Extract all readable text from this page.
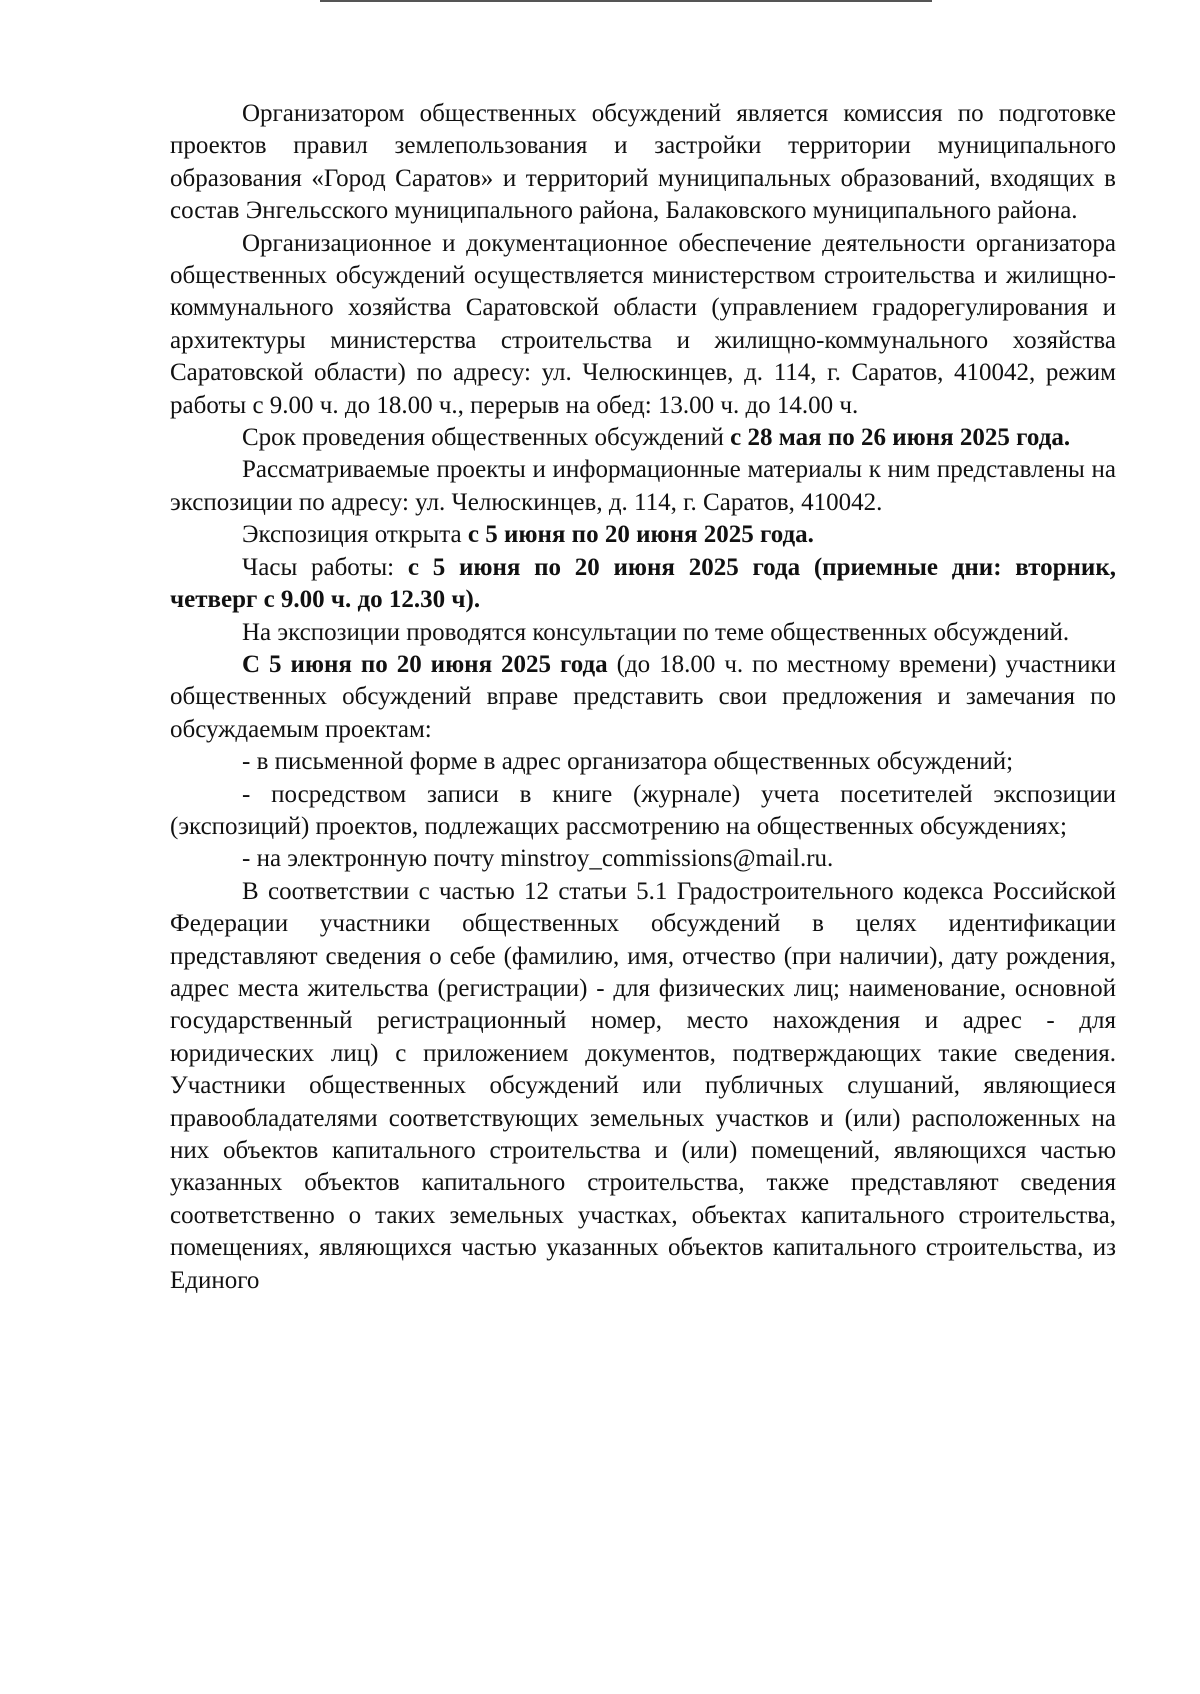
Организатором общественных обсуждений является комиссия по подготовке проектов правил землепользования и застройки территории муниципального образования «Город Саратов» и территорий муниципальных образований, входящих в состав Энгельсского муниципального района, Балаковского муниципального района.

Организационное и документационное обеспечение деятельности организатора общественных обсуждений осуществляется министерством строительства и жилищно-коммунального хозяйства Саратовской области (управлением градорегулирования и архитектуры министерства строительства и жилищно-коммунального хозяйства Саратовской области) по адресу: ул. Челюскинцев, д. 114, г. Саратов, 410042, режим работы с 9.00 ч. до 18.00 ч., перерыв на обед: 13.00 ч. до 14.00 ч.

Срок проведения общественных обсуждений с 28 мая по 26 июня 2025 года.

Рассматриваемые проекты и информационные материалы к ним представлены на экспозиции по адресу: ул. Челюскинцев, д. 114, г. Саратов, 410042.

Экспозиция открыта с 5 июня по 20 июня 2025 года.

Часы работы: с 5 июня по 20 июня 2025 года (приемные дни: вторник, четверг с 9.00 ч. до 12.30 ч).

На экспозиции проводятся консультации по теме общественных обсуждений.

С 5 июня по 20 июня 2025 года (до 18.00 ч. по местному времени) участники общественных обсуждений вправе представить свои предложения и замечания по обсуждаемым проектам:

- в письменной форме в адрес организатора общественных обсуждений;

- посредством записи в книге (журнале) учета посетителей экспозиции (экспозиций) проектов, подлежащих рассмотрению на общественных обсуждениях;

- на электронную почту minstroy_commissions@mail.ru.

В соответствии с частью 12 статьи 5.1 Градостроительного кодекса Российской Федерации участники общественных обсуждений в целях идентификации представляют сведения о себе (фамилию, имя, отчество (при наличии), дату рождения, адрес места жительства (регистрации) - для физических лиц; наименование, основной государственный регистрационный номер, место нахождения и адрес - для юридических лиц) с приложением документов, подтверждающих такие сведения. Участники общественных обсуждений или публичных слушаний, являющиеся правообладателями соответствующих земельных участков и (или) расположенных на них объектов капитального строительства и (или) помещений, являющихся частью указанных объектов капитального строительства, также представляют сведения соответственно о таких земельных участках, объектах капитального строительства, помещениях, являющихся частью указанных объектов капитального строительства, из Единого
